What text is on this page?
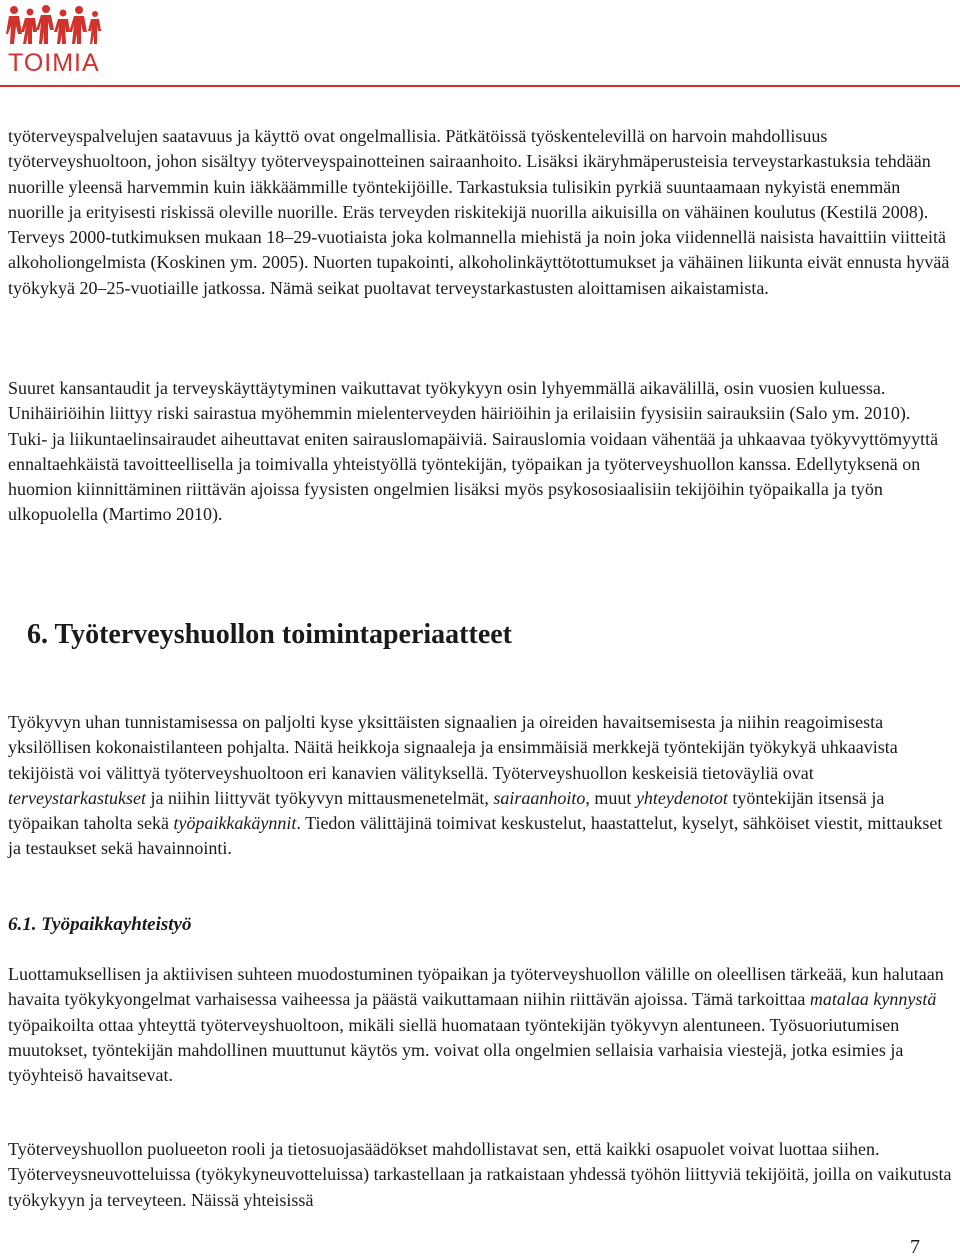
TOIMIA

työterveyspalvelujen saatavuus ja käyttö ovat ongelmallisia. Pätkätöissä työskentelevillä on harvoin mahdollisuus työterveyshuoltoon, johon sisältyy työterveyspainotteinen sairaanhoito. Lisäksi ikäryhmäperusteisia terveystarkastuksia tehdään nuorille yleensä harvemmin kuin iäkkäämmille työntekijöille. Tarkastuksia tulisikin pyrkiä suuntaamaan nykyistä enemmän nuorille ja erityisesti riskissä oleville nuorille. Eräs terveyden riskitekijä nuorilla aikuisilla on vähäinen koulutus (Kestilä 2008). Terveys 2000-tutkimuksen mukaan 18–29-vuotiaista joka kolmannella miehistä ja noin joka viidennellä naisista havaittiin viitteitä alkoholiongelmista (Koskinen ym. 2005). Nuorten tupakointi, alkoholinkäyttötottumukset ja vähäinen liikunta eivät ennusta hyvää työkykyä 20–25-vuotiaille jatkossa. Nämä seikat puoltavat terveystarkastusten aloittamisen aikaistamista.

Suuret kansantaudit ja terveyskäyttäytyminen vaikuttavat työkykyyn osin lyhyemmällä aikavälillä, osin vuosien kuluessa. Unihäiriöihin liittyy riski sairastua myöhemmin mielenterveyden häiriöihin ja erilaisiin fyysisiin sairauksiin (Salo ym. 2010). Tuki- ja liikuntaelinsairaudet aiheuttavat eniten sairauslomapäiviä. Sairauslomia voidaan vähentää ja uhkaavaa työkyvyttömyyttä ennaltaehkäistä tavoitteellisella ja toimivalla yhteistyöllä työntekijän, työpaikan ja työterveyshuollon kanssa. Edellytyksenä on huomion kiinnittäminen riittävän ajoissa fyysisten ongelmien lisäksi myös psykososiaalisiin tekijöihin työpaikalla ja työn ulkopuolella (Martimo 2010).

6. Työterveyshuollon toimintaperiaatteet

Työkyvyn uhan tunnistamisessa on paljolti kyse yksittäisten signaalien ja oireiden havaitsemisesta ja niihin reagoimisesta yksilöllisen kokonaistilanteen pohjalta. Näitä heikkoja signaaleja ja ensimmäisiä merkkejä työntekijän työkykyä uhkaavista tekijöistä voi välittyä työterveyshuoltoon eri kanavien välityksellä. Työterveyshuollon keskeisiä tietoväyliä ovat terveystarkastukset ja niihin liittyvät työkyvyn mittausmenetelmät, sairaanhoito, muut yhteydenotot työntekijän itsensä ja työpaikan taholta sekä työpaikkakäynnit. Tiedon välittäjinä toimivat keskustelut, haastattelut, kyselyt, sähköiset viestit, mittaukset ja testaukset sekä havainnointi.

6.1. Työpaikkayhteistyö

Luottamuksellisen ja aktiivisen suhteen muodostuminen työpaikan ja työterveyshuollon välille on oleellisen tärkeää, kun halutaan havaita työkykyongelmat varhaisessa vaiheessa ja päästä vaikuttamaan niihin riittävän ajoissa. Tämä tarkoittaa matalaa kynnystä työpaikoilta ottaa yhteyttä työterveyshuoltoon, mikäli siellä huomataan työntekijän työkyvyn alentuneen. Työsuoriutumisen muutokset, työntekijän mahdollinen muuttunut käytös ym. voivat olla ongelmien sellaisia varhaisia viestejä, jotka esimies ja työyhteisö havaitsevat.

Työterveyshuollon puolueeton rooli ja tietosuojasäädökset mahdollistavat sen, että kaikki osapuolet voivat luottaa siihen. Työterveysneuvotteluissa (työkykyneuvotteluissa) tarkastellaan ja ratkaistaan yhdessä työhön liittyviä tekijöitä, joilla on vaikutusta työkykyyn ja terveyteen. Näissä yhteisissä

7
